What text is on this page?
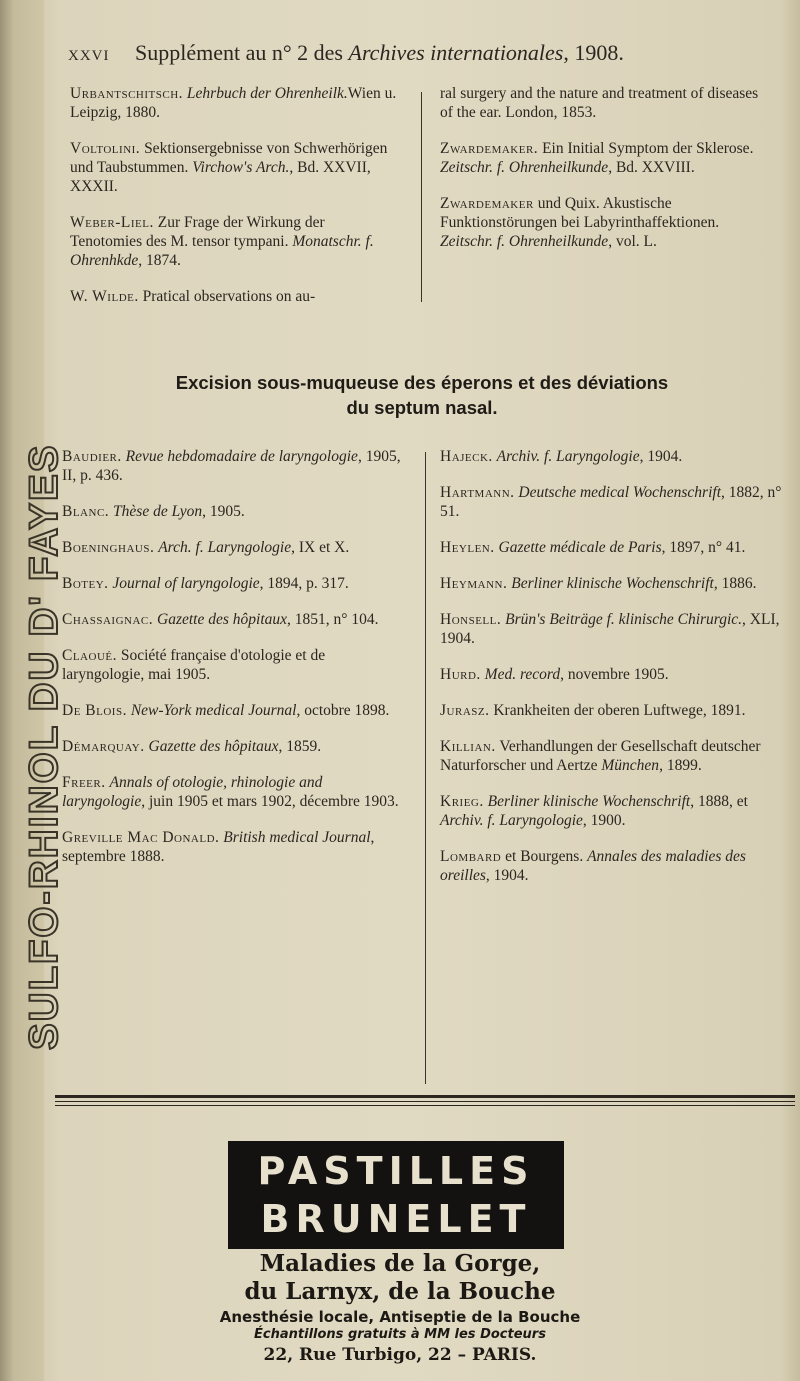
SULFO-RHINOL DU D' FAYES
XXVI Supplément au n° 2 des Archives internationales, 1908.
Urbantschitsch. Lehrbuch der Ohrenheilk.Wien u. Leipzig, 1880.
Voltolini. Sektionsergebnisse von Schwerhörigen und Taubstummen. Virchow's Arch., Bd. XXVII, XXXII.
Weber-Liel. Zur Frage der Wirkung der Tenotomies des M. tensor tympani. Monatschr. f. Ohrenhkde, 1874.
W. Wilde. Pratical observations on au-
ral surgery and the nature and treatment of diseases of the ear. London, 1853.
Zwardemaker. Ein Initial Symptom der Sklerose. Zeitschr. f. Ohrenheilkunde, Bd. XXVIII.
Zwardemaker und Quix. Akustische Funktionstörungen bei Labyrinthaffektionen. Zeitschr. f. Ohrenheilkunde, vol. L.
Excision sous-muqueuse des éperons et des déviations
du septum nasal.
Baudier. Revue hebdomadaire de laryngologie, 1905, II, p. 436.
Blanc. Thèse de Lyon, 1905.
Boeninghaus. Arch. f. Laryngologie, IX et X.
Botey. Journal of laryngologie, 1894, p. 317.
Chassaignac. Gazette des hôpitaux, 1851, n° 104.
Claoué. Société française d'otologie et de laryngologie, mai 1905.
De Blois. New-York medical Journal, octobre 1898.
Démarquay. Gazette des hôpitaux, 1859.
Freer. Annals of otologie, rhinologie and laryngologie, juin 1905 et mars 1902, décembre 1903.
Greville Mac Donald. British medical Journal, septembre 1888.
Hajeck. Archiv. f. Laryngologie, 1904.
Hartmann. Deutsche medical Wochenschrift, 1882, n° 51.
Heylen. Gazette médicale de Paris, 1897, n° 41.
Heymann. Berliner klinische Wochenschrift, 1886.
Honsell. Brün's Beiträge f. klinische Chirurgic., XLI, 1904.
Hurd. Med. record, novembre 1905.
Jurasz. Krankheiten der oberen Luftwege, 1891.
Killian. Verhandlungen der Gesellschaft deutscher Naturforscher und Aertze München, 1899.
Krieg. Berliner klinische Wochenschrift, 1888, et Archiv. f. Laryngologie, 1900.
Lombard et Bourgens. Annales des maladies des oreilles, 1904.
PASTILLES
BRUNELET
Maladies de la Gorge,
du Larnyx, de la Bouche
Anesthésie locale, Antiseptie de la Bouche
Échantillons gratuits à MM les Docteurs
22, Rue Turbigo, 22 – PARIS.
